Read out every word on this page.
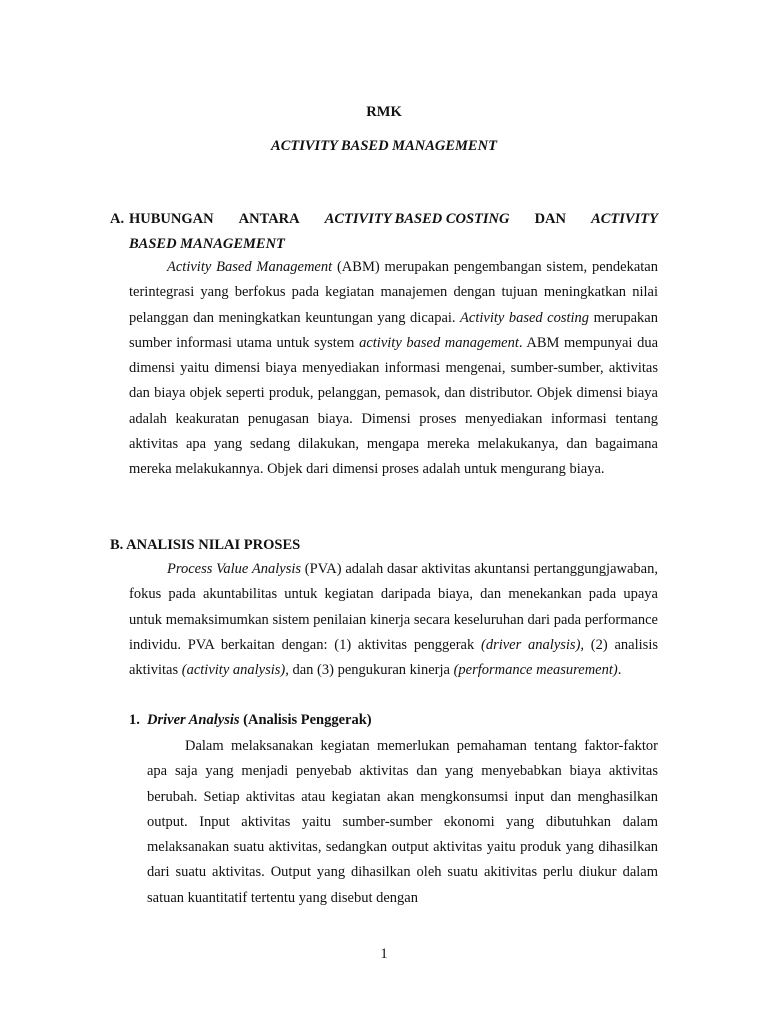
RMK
ACTIVITY BASED MANAGEMENT
A. HUBUNGAN ANTARA ACTIVITY BASED COSTING DAN ACTIVITY
BASED MANAGEMENT
Activity Based Management (ABM) merupakan pengembangan sistem, pendekatan terintegrasi yang berfokus pada kegiatan manajemen dengan tujuan meningkatkan nilai pelanggan dan meningkatkan keuntungan yang dicapai. Activity based costing merupakan sumber informasi utama untuk system activity based management. ABM mempunyai dua dimensi yaitu dimensi biaya menyediakan informasi mengenai, sumber-sumber, aktivitas dan biaya objek seperti produk, pelanggan, pemasok, dan distributor. Objek dimensi biaya adalah keakuratan penugasan biaya. Dimensi proses menyediakan informasi tentang aktivitas apa yang sedang dilakukan, mengapa mereka melakukanya, dan bagaimana mereka melakukannya. Objek dari dimensi proses adalah untuk mengurang biaya.
B. ANALISIS NILAI PROSES
Process Value Analysis (PVA) adalah dasar aktivitas akuntansi pertanggungjawaban, fokus pada akuntabilitas untuk kegiatan daripada biaya, dan menekankan pada upaya untuk memaksimumkan sistem penilaian kinerja secara keseluruhan dari pada performance individu. PVA berkaitan dengan: (1) aktivitas penggerak (driver analysis), (2) analisis aktivitas (activity analysis), dan (3) pengukuran kinerja (performance measurement).
1. Driver Analysis (Analisis Penggerak)
Dalam melaksanakan kegiatan memerlukan pemahaman tentang faktor-faktor apa saja yang menjadi penyebab aktivitas dan yang menyebabkan biaya aktivitas berubah. Setiap aktivitas atau kegiatan akan mengkonsumsi input dan menghasilkan output. Input aktivitas yaitu sumber-sumber ekonomi yang dibutuhkan dalam melaksanakan suatu aktivitas, sedangkan output aktivitas yaitu produk yang dihasilkan dari suatu aktivitas. Output yang dihasilkan oleh suatu akitivitas perlu diukur dalam satuan kuantitatif tertentu yang disebut dengan
1
